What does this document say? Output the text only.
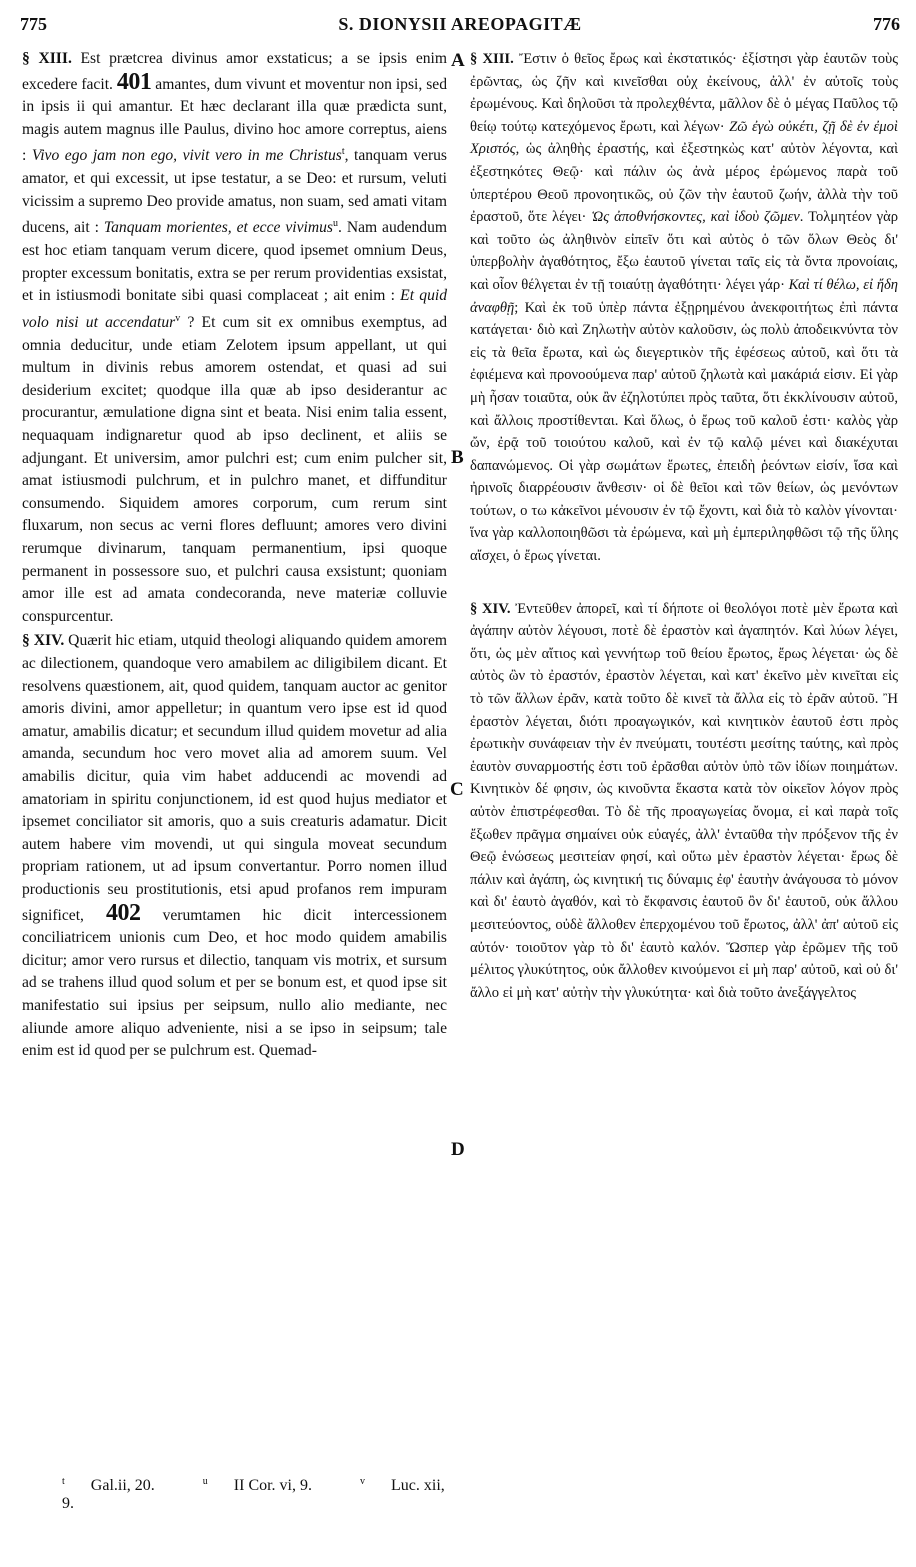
775	S. DIONYSII AREOPAGITÆ	776

§ XIII. Est prætcrea divinus amor exstaticus; a se ipsis enim excedere facit. 401 amantes, dum vivunt et moventur non ipsi, sed in ipsis ii qui amantur. Et hæc declarant illa quæ prædicta sunt, magis autem magnus ille Paulus, divino hoc amore correptus, aiens : Vivo ego jam non ego, vivit vero in me Christus$^t$, tanquam verus amator, et qui excessit, ut ipse testatur, a se Deo: et rursum, veluti vicissim a supremo Deo provide amatus, non suam, sed amati vitam ducens, ait : Tanquam morientes, et ecce vivimus$^u$. Nam audendum est hoc etiam tanquam verum dicere, quod ipsemet omnium Deus, propter excessum bonitatis, extra se per rerum providentias exsistat, et in istiusmodi bonitate sibi quasi complaceat ; ait enim : Et quid volo nisi ut accendatur$^v$ ? Et cum sit ex omnibus exemptus, ad omnia deducitur, unde etiam Zelotem ipsum appellant, ut qui multum in divinis rebus amorem ostendat, et quasi ad sui desiderium excitet; quodque illa quæ ab ipso desiderantur ac procurantur, æmulatione digna sint et beata. Nisi enim talia essent, nequaquam indignaretur quod ab ipso declinent, et aliis se adjungant. Et universim, amor pulchri est; cum enim pulcher sit, amat istiusmodi pulchrum, et in pulchro manet, et diffunditur consumendo. Siquidem amores corporum, cum rerum sint fluxarum, non secus ac verni flores defluunt; amores vero divini rerumque divinarum, tanquam permanentium, ipsi quoque permanent in possessore suo, et pulchri causa exsistunt; quoniam amor ille est ad amata condecoranda, neve materiæ colluvie conspurcentur.

§ XIV. Quærit hic etiam, utquid theologi aliquando quidem amorem ac dilectionem, quandoque vero amabilem ac diligibilem dicant. Et resolvens quæstionem, ait, quod quidem, tanquam auctor ac genitor amoris divini, amor appelletur; in quantum vero ipse est id quod amatur, amabilis dicatur; et secundum illud quidem movetur ad alia amanda, secundum hoc vero movet alia ad amorem suum. Vel amabilis dicitur, quia vim habet adducendi ac movendi ad amatoriam in spiritu conjunctionem, id est quod hujus mediator et ipsemet conciliator sit amoris, quo a suis creaturis adamatur. Dicit autem habere vim movendi, ut qui singula moveat secundum propriam rationem, ut ad ipsum convertantur. Porro nomen illud productionis seu prostitutionis, etsi apud profanos rem impuram significet, 402 verumtamen hic dicit intercessionem conciliatricem unionis cum Deo, et hoc modo quidem amabilis dicitur; amor vero rursus et dilectio, tanquam vis motrix, et sursum ad se trahens illud quod solum et per se bonum est, et quod ipse sit manifestatio sui ipsius per seipsum, nullo alio mediante, nec aliunde amore aliquo adveniente, nisi a se ipso in seipsum; tale enim est id quod per se pulchrum est. Quemad-

A
B
C
D

§ XIII. Ἔστιν ὁ θεῖος ἔρως καὶ ἐκστατικός· ἐξίστησι γὰρ ἑαυτῶν τοὺς ἐρῶντας, ὡς ζῆν καὶ κινεῖσθαι οὐχ ἐκείνους, ἀλλ' ἐν αὐτοῖς τοὺς ἐρωμένους. Καὶ δηλοῦσι τὰ προλεχθέντα, μᾶλλον δὲ ὁ μέγας Παῦλος τῷ θείῳ τούτῳ κατεχόμενος ἔρωτι, καὶ λέγων· Ζῶ ἐγὼ οὐκέτι, ζῇ δὲ ἐν ἐμοὶ Χριστός, ὡς ἀληθὴς ἐραστής, καὶ ἐξεστηκὼς κατ' αὐτὸν λέγοντα, καὶ ἐξεστηκότες Θεῷ· καὶ πάλιν ὡς ἀνὰ μέρος ἐρώμενος παρὰ τοῦ ὑπερτέρου Θεοῦ προνοητικῶς, οὐ ζῶν τὴν ἑαυτοῦ ζωήν, ἀλλὰ τὴν τοῦ ἐραστοῦ, ὅτε λέγει· Ὡς ἀποθνήσκοντες, καὶ ἰδοὺ ζῶμεν. Τολμητέον γὰρ καὶ τοῦτο ὡς ἀληθινὸν εἰπεῖν ὅτι καὶ αὐτὸς ὁ τῶν ὅλων Θεὸς δι' ὑπερβολὴν ἀγαθότητος, ἔξω ἑαυτοῦ γίνεται ταῖς εἰς τὰ ὄντα προνοίαις, καὶ οἷον θέλγεται ἐν τῇ τοιαύτῃ ἀγαθότητι· λέγει γάρ· Καὶ τί θέλω, εἰ ἤδη ἀναφθῇ; Καὶ ἐκ τοῦ ὑπὲρ πάντα ἐξῃρημένου ἀνεκφοιτήτως ἐπὶ πάντα κατάγεται· διὸ καὶ Ζηλωτὴν αὐτὸν καλοῦσιν, ὡς πολὺ ἀποδεικνύντα τὸν εἰς τὰ θεῖα ἔρωτα, καὶ ὡς διεγερτικὸν τῆς ἐφέσεως αὐτοῦ, καὶ ὅτι τὰ ἐφιέμενα καὶ προνοούμενα παρ' αὐτοῦ ζηλωτὰ καὶ μακάριά εἰσιν. Εἰ γὰρ μὴ ἦσαν τοιαῦτα, οὐκ ἂν ἐζηλοτύπει πρὸς ταῦτα, ὅτι ἐκκλίνουσιν αὐτοῦ, καὶ ἄλλοις προστίθενται. Καὶ ὅλως, ὁ ἔρως τοῦ καλοῦ ἐστι· καλὸς γὰρ ὤν, ἐρᾷ τοῦ τοιούτου καλοῦ, καὶ ἐν τῷ καλῷ μένει καὶ διακέχυται δαπανώμενος. Οἱ γὰρ σωμάτων ἔρωτες, ἐπειδὴ ῥεόντων εἰσίν, ἴσα καὶ ἠρινοῖς διαρρέουσιν ἄνθεσιν· οἱ δὲ θεῖοι καὶ τῶν θείων, ὡς μενόντων τούτων, ο τω κἀκεῖνοι μένουσιν ἐν τῷ ἔχοντι, καὶ διὰ τὸ καλὸν γίνονται· ἵνα γὰρ καλλοποιηθῶσι τὰ ἐρώμενα, καὶ μὴ ἐμπεριληφθῶσι τῷ τῆς ὕλης αἴσχει, ὁ ἔρως γίνεται.

§ XIV. Ἐντεῦθεν ἀπορεῖ, καὶ τί δήποτε οἱ θεολόγοι ποτὲ μὲν ἔρωτα καὶ ἀγάπην αὐτὸν λέγουσι, ποτὲ δὲ ἐραστὸν καὶ ἀγαπητόν. Καὶ λύων λέγει, ὅτι, ὡς μὲν αἴτιος καὶ γεννήτωρ τοῦ θείου ἔρωτος, ἔρως λέγεται· ὡς δὲ αὐτὸς ὢν τὸ ἐραστόν, ἐραστὸν λέγεται, καὶ κατ' ἐκεῖνο μὲν κινεῖται εἰς τὸ τῶν ἄλλων ἐρᾶν, κατὰ τοῦτο δὲ κινεῖ τὰ ἄλλα εἰς τὸ ἐρᾶν αὐτοῦ. Ἢ ἐραστὸν λέγεται, διότι προαγωγικόν, καὶ κινητικὸν ἑαυτοῦ ἐστι πρὸς ἐρωτικὴν συνάφειαν τὴν ἐν πνεύματι, τουτέστι μεσίτης ταύτης, καὶ πρὸς ἑαυτὸν συναρμοστής ἐστι τοῦ ἐρᾶσθαι αὐτὸν ὑπὸ τῶν ἰδίων ποιημάτων. Κινητικὸν δέ φησιν, ὡς κινοῦντα ἕκαστα κατὰ τὸν οἰκεῖον λόγον πρὸς αὐτὸν ἐπιστρέφεσθαι. Τὸ δὲ τῆς προαγωγείας ὄνομα, εἰ καὶ παρὰ τοῖς ἔξωθεν πρᾶγμα σημαίνει οὐκ εὐαγές, ἀλλ' ἐνταῦθα τὴν πρόξενον τῆς ἐν Θεῷ ἑνώσεως μεσιτείαν φησί, καὶ οὕτω μὲν ἐραστὸν λέγεται· ἔρως δὲ πάλιν καὶ ἀγάπη, ὡς κινητική τις δύναμις ἐφ' ἑαυτὴν ἀνάγουσα τὸ μόνον καὶ δι' ἑαυτὸ ἀγαθόν, καὶ τὸ ἔκφανσις ἑαυτοῦ ὂν δι' ἑαυτοῦ, οὐκ ἄλλου μεσιτεύοντος, οὐδὲ ἄλλοθεν ἐπερχομένου τοῦ ἔρωτος, ἀλλ' ἀπ' αὐτοῦ εἰς αὐτόν· τοιοῦτον γὰρ τὸ δι' ἑαυτὸ καλόν. Ὥσπερ γὰρ ἐρῶμεν τῆς τοῦ μέλιτος γλυκύτητος, οὐκ ἄλλοθεν κινούμενοι εἰ μὴ παρ' αὐτοῦ, καὶ οὐ δι' ἄλλο εἰ μὴ κατ' αὐτὴν τὴν γλυκύτητα· καὶ διὰ τοῦτο ἀνεξάγγελτος

$^t$ Gal.ii, 20.	$^u$ II Cor. vi, 9.	$^v$ Luc. xii, 9.
